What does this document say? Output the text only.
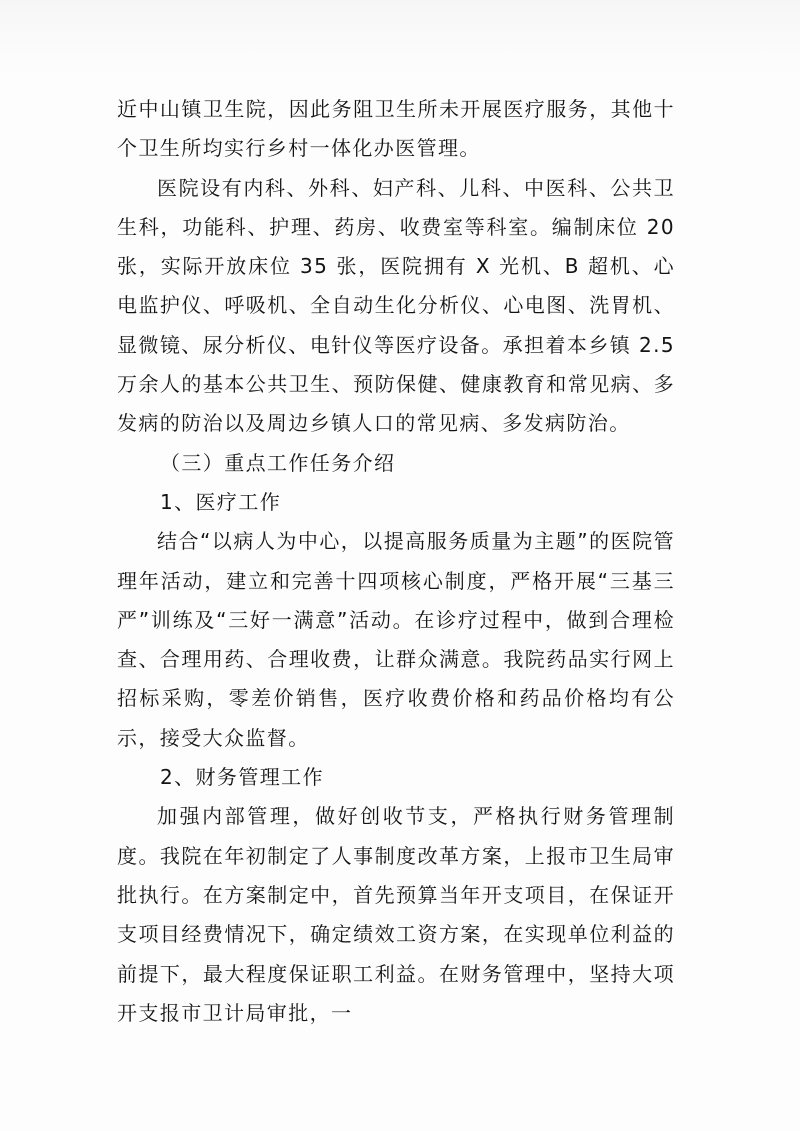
近中山镇卫生院，因此务阻卫生所未开展医疗服务，其他十个卫生所均实行乡村一体化办医管理。

医院设有内科、外科、妇产科、儿科、中医科、公共卫生科，功能科、护理、药房、收费室等科室。编制床位 20 张，实际开放床位 35 张，医院拥有 X 光机、B 超机、心电监护仪、呼吸机、全自动生化分析仪、心电图、洗胃机、显微镜、尿分析仪、电针仪等医疗设备。承担着本乡镇 2.5 万余人的基本公共卫生、预防保健、健康教育和常见病、多发病的防治以及周边乡镇人口的常见病、多发病防治。

（三）重点工作任务介绍

1、医疗工作

结合“以病人为中心，以提高服务质量为主题”的医院管理年活动，建立和完善十四项核心制度，严格开展“三基三严”训练及“三好一满意”活动。在诊疗过程中，做到合理检查、合理用药、合理收费，让群众满意。我院药品实行网上招标采购，零差价销售，医疗收费价格和药品价格均有公示，接受大众监督。

2、财务管理工作

加强内部管理，做好创收节支，严格执行财务管理制度。我院在年初制定了人事制度改革方案，上报市卫生局审批执行。在方案制定中，首先预算当年开支项目，在保证开支项目经费情况下，确定绩效工资方案，在实现单位利益的前提下，最大程度保证职工利益。在财务管理中，坚持大项开支报市卫计局审批，一
